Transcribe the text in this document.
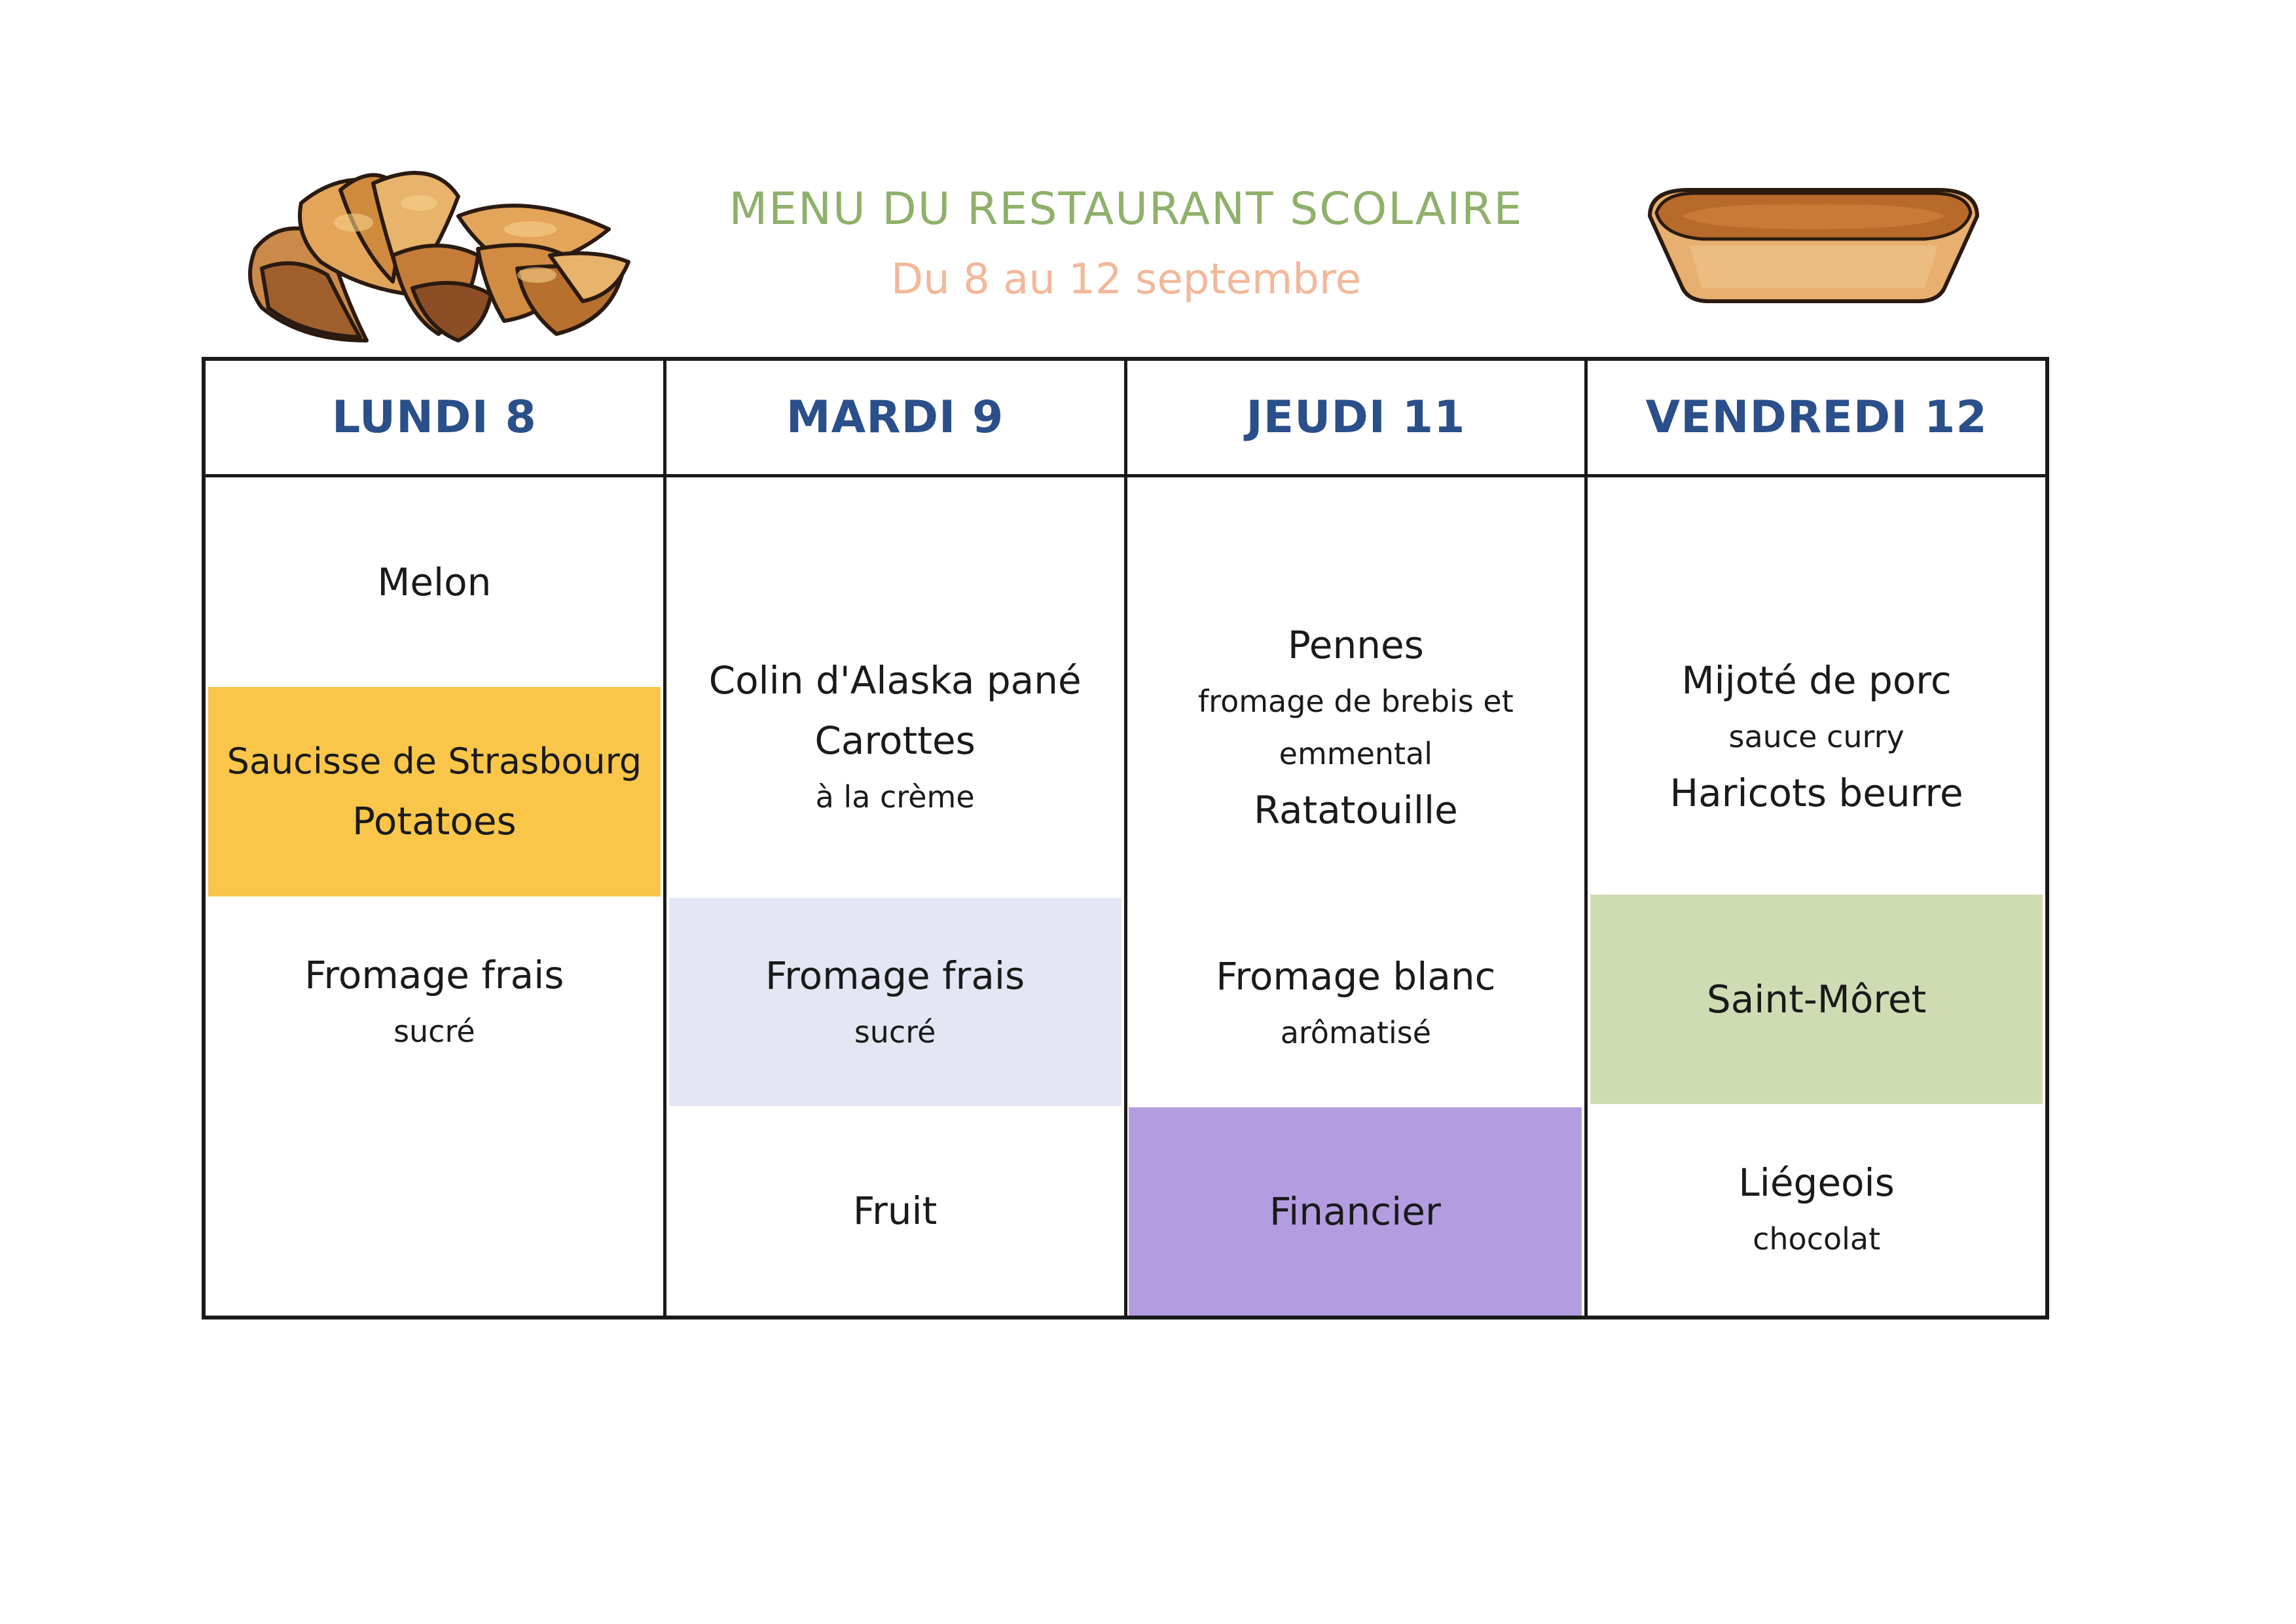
MENU DU RESTAURANT SCOLAIRE
Du 8 au 12 septembre
LUNDI 8
Melon
Saucisse de Strasbourg
Potatoes
Fromage frais
sucré
MARDI 9
Colin d'Alaska pané
Carottes
à la crème
Fromage frais
sucré
Fruit
JEUDI 11
Pennes
fromage de brebis et
emmental
Ratatouille
Fromage blanc
arômatisé
Financier
VENDREDI 12
Mijoté de porc
sauce curry
Haricots beurre
Saint-Môret
Liégeois
chocolat
